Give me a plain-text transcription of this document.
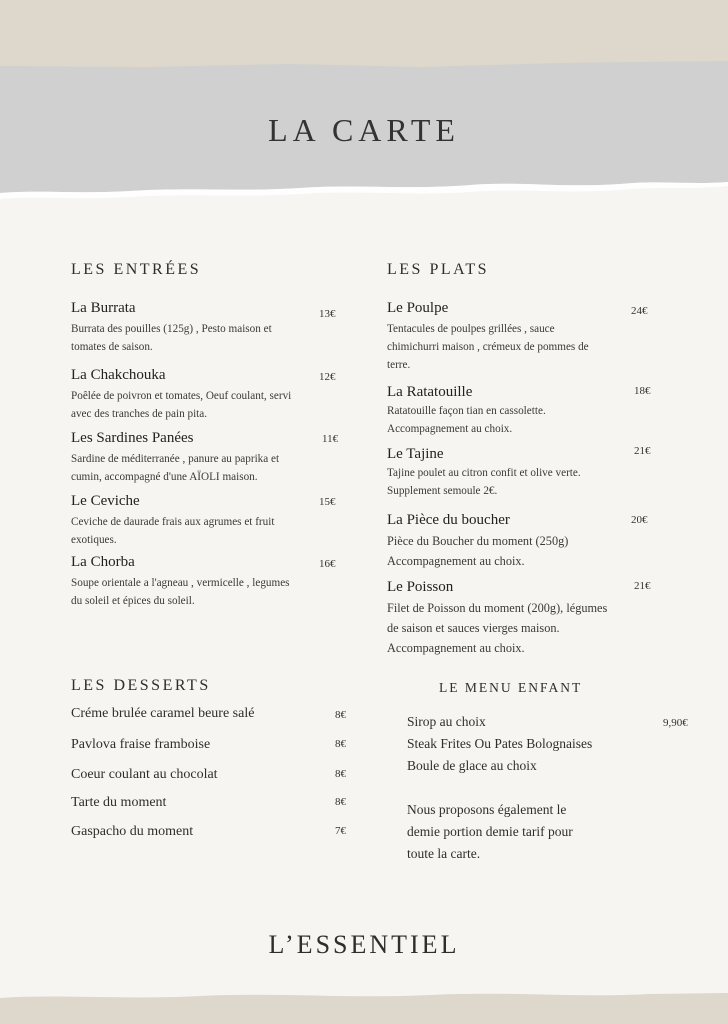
LA CARTE
LES ENTRÉES
La Burrata
Burrata des pouilles (125g) , Pesto maison et
tomates de saison.
13€
La Chakchouka
Poêlée de poivron et tomates, Oeuf coulant, servi
avec des tranches de pain pita.
12€
Les Sardines Panées
Sardine de méditerranée , panure au paprika et
cumin, accompagné d'une AÏOLI maison.
11€
Le Ceviche
Ceviche de daurade frais aux agrumes et fruit
exotiques.
15€
La Chorba
Soupe orientale a l'agneau , vermicelle , legumes
du soleil et épices du soleil.
16€
LES PLATS
Le Poulpe
Tentacules de poulpes grillées , sauce
chimichurri maison , crémeux de pommes de
terre.
24€
La Ratatouille
Ratatouille façon tian en cassolette.
Accompagnement au choix.
18€
Le Tajine
Tajine poulet au citron confit et olive verte.
Supplement semoule 2€.
21€
La Pièce du boucher
Pièce du Boucher du moment (250g)
Accompagnement au choix.
20€
Le Poisson
Filet de Poisson du moment (200g), légumes
de saison et sauces vierges maison.
Accompagnement au choix.
21€
LES DESSERTS
Créme brulée caramel beure salé	8€
Pavlova fraise framboise	8€
Coeur coulant au chocolat	8€
Tarte du moment	8€
Gaspacho du moment	7€
LE MENU ENFANT
Sirop au choix
Steak Frites Ou Pates Bolognaises
Boule de glace au choix
9,90€
Nous proposons également le
demie portion demie tarif pour
toute la carte.
L’ESSENTIEL
